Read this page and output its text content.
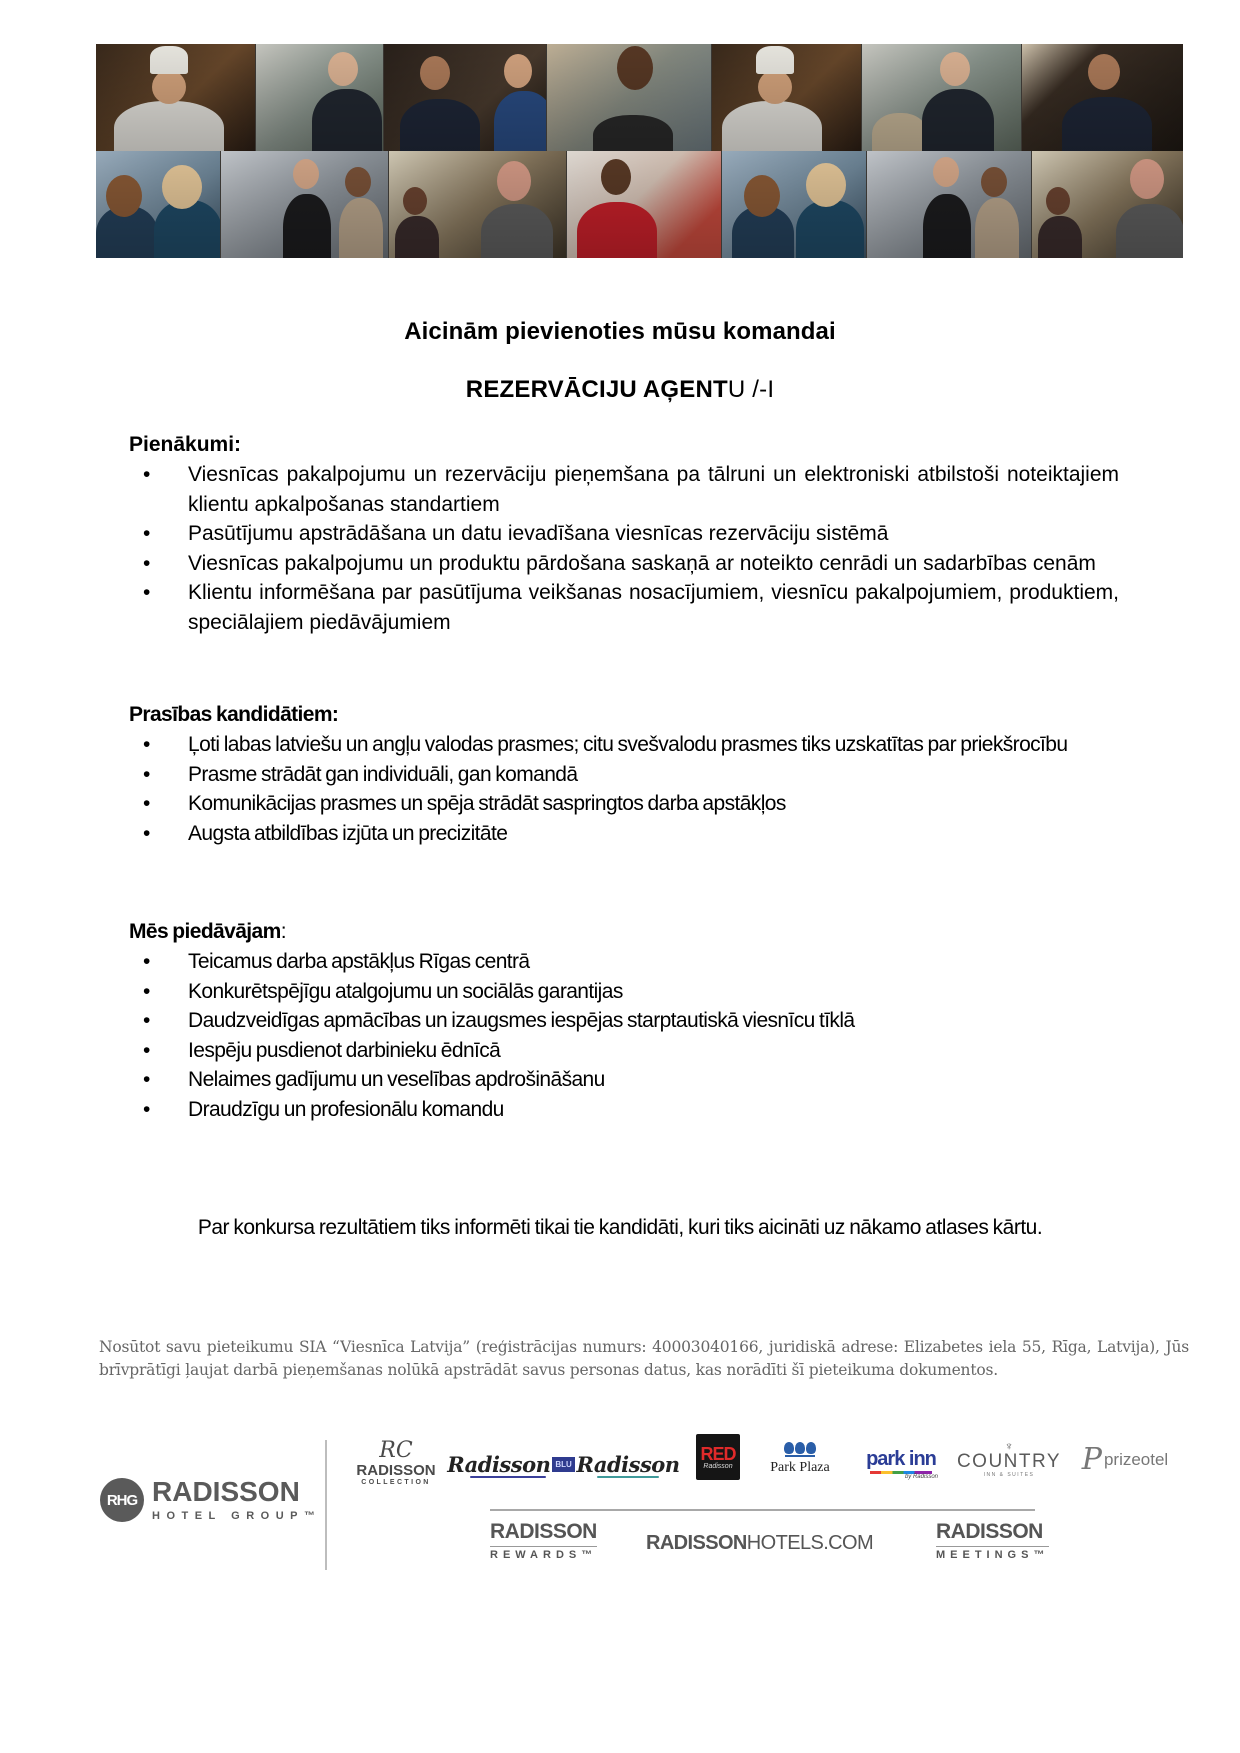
Aicinām pievienoties mūsu komandai
REZERVĀCIJU AĢENTU /-I
Pienākumi:
• Viesnīcas pakalpojumu un rezervāciju pieņemšana pa tālruni un elektroniski atbilstoši noteiktajiem klientu apkalpošanas standartiem
• Pasūtījumu apstrādāšana un datu ievadīšana viesnīcas rezervāciju sistēmā
• Viesnīcas pakalpojumu un produktu pārdošana saskaņā ar noteikto cenrādi un sadarbības cenām
• Klientu informēšana par pasūtījuma veikšanas nosacījumiem, viesnīcu pakalpojumiem, produktiem, speciālajiem piedāvājumiem
Prasības kandidātiem:
• Ļoti labas latviešu un angļu valodas prasmes; citu svešvalodu prasmes tiks uzskatītas par priekšrocību
• Prasme strādāt gan individuāli, gan komandā
• Komunikācijas prasmes un spēja strādāt saspringtos darba apstākļos
• Augsta atbildības izjūta un precizitāte
Mēs piedāvājam:
• Teicamus darba apstākļus Rīgas centrā
• Konkurētspējīgu atalgojumu un sociālās garantijas
• Daudzveidīgas apmācības un izaugsmes iespējas starptautiskā viesnīcu tīklā
• Iespēju pusdienot darbinieku ēdnīcā
• Nelaimes gadījumu un veselības apdrošināšanu
• Draudzīgu un profesionālu komandu
Par konkursa rezultātiem tiks informēti tikai tie kandidāti, kuri tiks aicināti uz nākamo atlases kārtu.
Nosūtot savu pieteikumu SIA “Viesnīca Latvija” (reģistrācijas numurs: 40003040166, juridiskā adrese: Elizabetes iela 55, Rīga, Latvija), Jūs brīvprātīgi ļaujat darbā pieņemšanas nolūkā apstrādāt savus personas datus, kas norādīti šī pieteikuma dokumentos.
RHG RADISSON
HOTEL GROUP™
RC
RADISSON
COLLECTION
Radisson BLU Radisson RED
Radisson	Park Plaza park inn
by Radisson
♆
COUNTRY
INN & SUITES P prizeotel
RADISSON
REWARDS™
RADISSONHOTELS.COM	RADISSON
MEETINGS™
